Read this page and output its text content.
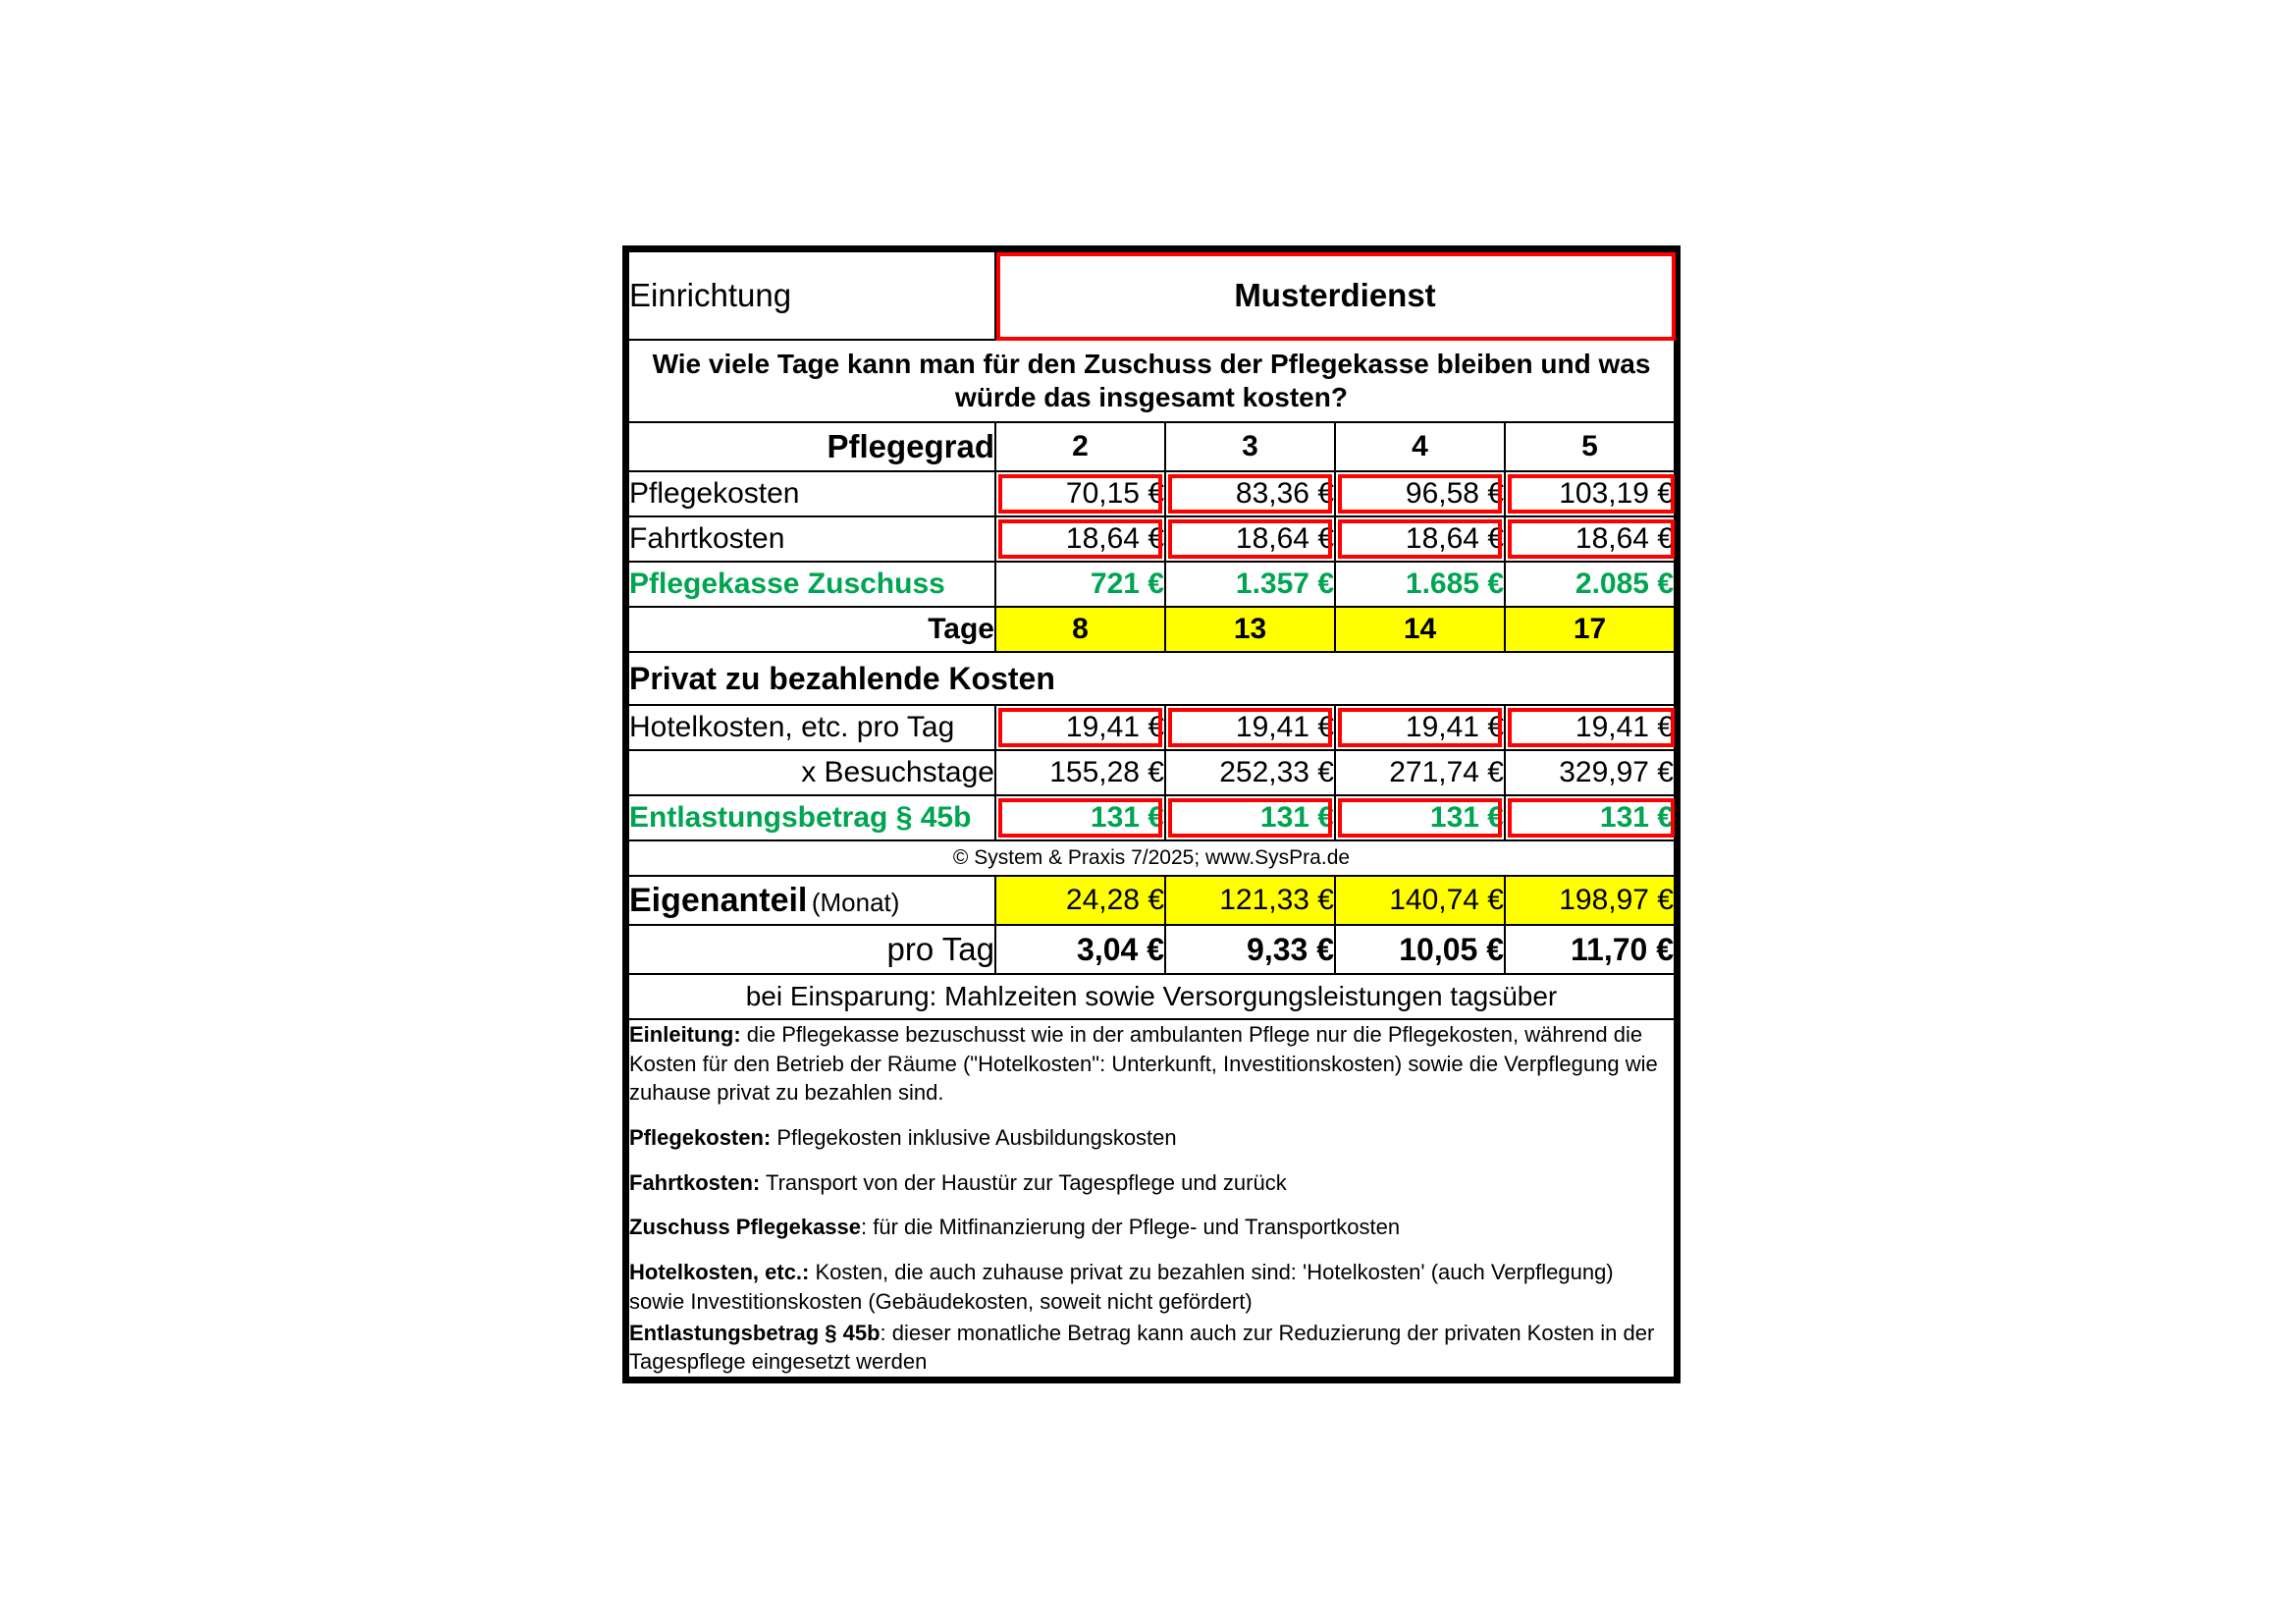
Einrichtung	Musterdienst			

Wie viele Tage kann man für den Zuschuss der Pflegekasse bleiben und was würde das insgesamt kosten?				
Pflegegrad	2	3	4	5
Pflegekosten	70,15 €	83,36 €	96,58 €	103,19 €

Fahrtkosten	18,64 €	18,64 €	18,64 €	18,64 €

Pflegekasse Zuschuss	721 €	1.357 €	1.685 €	2.085 €
Tage	8	13	14	17
Privat zu bezahlende Kosten				
Hotelkosten, etc. pro Tag	19,41 €	19,41 €	19,41 €	19,41 €

x Besuchstage	155,28 €	252,33 €	271,74 €	329,97 €
Entlastungsbetrag § 45b	131 €	131 €	131 €	131 €

© System & Praxis 7/2025; www.SysPra.de				
Eigenanteil (Monat)	24,28 €	121,33 €	140,74 €	198,97 €
pro Tag	3,04 €	9,33 €	10,05 €	11,70 €
bei Einsparung: Mahlzeiten sowie Versorgungsleistungen tagsüber				

Einleitung: die Pflegekasse bezuschusst wie in der ambulanten Pflege nur die Pflegekosten, während die Kosten für den Betrieb der Räume ("Hotelkosten": Unterkunft, Investitionskosten) sowie die Verpflegung wie zuhause privat zu bezahlen sind.

Pflegekosten: Pflegekosten inklusive Ausbildungskosten

Fahrtkosten: Transport von der Haustür zur Tagespflege und zurück

Zuschuss Pflegekasse: für die Mitfinanzierung der Pflege- und Transportkosten

Hotelkosten, etc.: Kosten, die auch zuhause privat zu bezahlen sind: 'Hotelkosten' (auch Verpflegung) sowie Investitionskosten (Gebäudekosten, soweit nicht gefördert)

Entlastungsbetrag § 45b: dieser monatliche Betrag kann auch zur Reduzierung der privaten Kosten in der Tagespflege eingesetzt werden
